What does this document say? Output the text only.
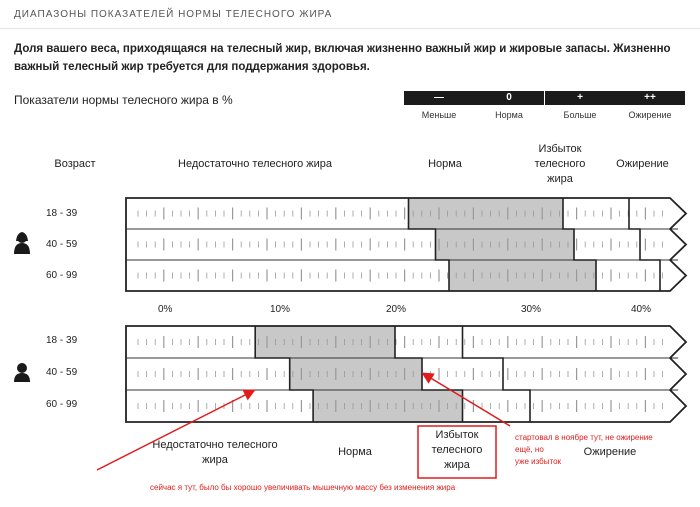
ДИАПАЗОНЫ ПОКАЗАТЕЛЕЙ НОРМЫ ТЕЛЕСНОГО ЖИРА
Доля вашего веса, приходящаяся на телесный жир, включая жизненно важный жир и жировые запасы. Жизненно важный телесный жир требуется для поддержания здоровья.
Показатели нормы телесного жира в %	—	0	+	++
Меньше	Норма	Больше	Ожирение
Возраст	Недостаточно телесного жира	Норма
Избыток
телесного
жира
Ожирение
18 - 39
40 - 59
60 - 99
18 - 39
40 - 59
60 - 99
0%	10%	20%	30%	40%
Недостаточно телесного
жира
Норма
Избыток
телесного
жира
Ожирение
сейчас я тут, было бы хорошо увеличивать мышечную массу без изменения жира
стартовал в ноябре тут, не ожирение
ещё, но
уже избыток
